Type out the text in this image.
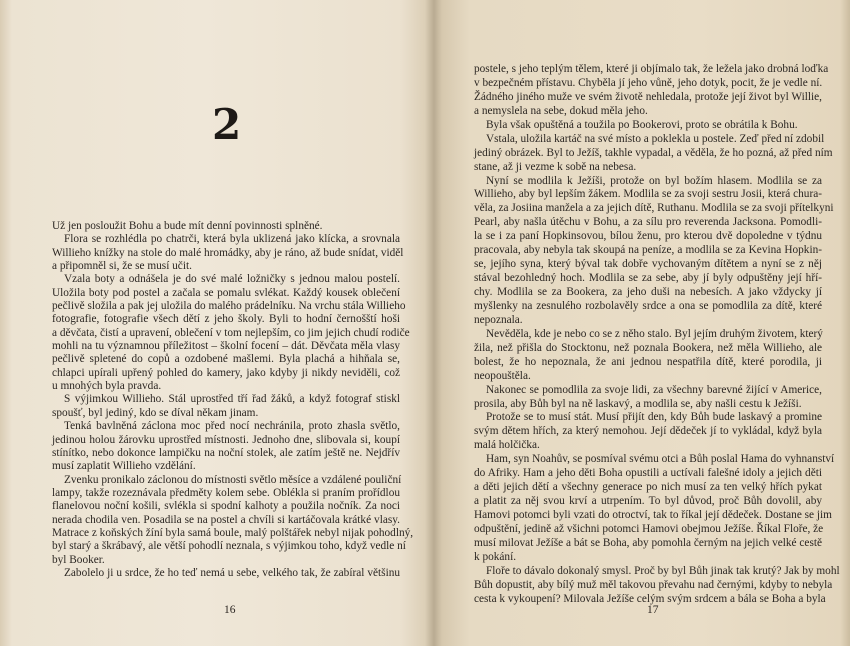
2
Už jen posloužit Bohu a bude mít denní povinnosti splněné.
Flora se rozhlédla po chatrči, která byla uklizená jako klícka, a srovnala
Willieho knížky na stole do malé hromádky, aby je ráno, až bude snídat, viděl
a připomněl si, že se musí učit.
Vzala boty a odnášela je do své malé ložničky s jednou malou postelí.
Uložila boty pod postel a začala se pomalu svlékat. Každý kousek oblečení
pečlivě složila a pak jej uložila do malého prádelníku. Na vrchu stála Willieho
fotografie, fotografie všech dětí z jeho školy. Byli to hodní černošští hoši
a děvčata, čistí a upravení, oblečení v tom nejlepším, co jim jejich chudí rodiče
mohli na tu významnou příležitost – školní focení – dát. Děvčata měla vlasy
pečlivě spletené do copů a ozdobené mašlemi. Byla plachá a hihňala se,
chlapci upírali upřený pohled do kamery, jako kdyby ji nikdy neviděli, což
u mnohých byla pravda.
S výjimkou Willieho. Stál uprostřed tří řad žáků, a když fotograf stiskl
spoušť, byl jediný, kdo se díval někam jinam.
Tenká bavlněná záclona moc před nocí nechránila, proto zhasla světlo,
jedinou holou žárovku uprostřed místnosti. Jednoho dne, slibovala si, koupí
stínítko, nebo dokonce lampičku na noční stolek, ale zatím ještě ne. Nejdřív
musí zaplatit Willieho vzdělání.
Zvenku pronikalo záclonou do místnosti světlo měsíce a vzdálené pouliční
lampy, takže rozeznávala předměty kolem sebe. Oblékla si praním prořídlou
flanelovou noční košili, svlékla si spodní kalhoty a použila nočník. Za noci
nerada chodila ven. Posadila se na postel a chvíli si kartáčovala krátké vlasy.
Matrace z koňských žíní byla samá boule, malý polštářek nebyl nijak pohodlný,
byl starý a škrábavý, ale větší pohodlí neznala, s výjimkou toho, když vedle ní
byl Booker.
Zabolelo ji u srdce, že ho teď nemá u sebe, velkého tak, že zabíral většinu
postele, s jeho teplým tělem, které ji objímalo tak, že ležela jako drobná loďka
v bezpečném přístavu. Chyběla jí jeho vůně, jeho dotyk, pocit, že je vedle ní.
Žádného jiného muže ve svém životě nehledala, protože její život byl Willie,
a nemyslela na sebe, dokud měla jeho.
Byla však opuštěná a toužila po Bookerovi, proto se obrátila k Bohu.
Vstala, uložila kartáč na své místo a poklekla u postele. Zeď před ní zdobil
jediný obrázek. Byl to Ježíš, takhle vypadal, a věděla, že ho pozná, až před ním
stane, až ji vezme k sobě na nebesa.
Nyní se modlila k Ježíši, protože on byl božím hlasem. Modlila se za
Willieho, aby byl lepším žákem. Modlila se za svoji sestru Josii, která chura-
věla, za Josiina manžela a za jejich dítě, Ruthanu. Modlila se za svoji přítelkyni
Pearl, aby našla útěchu v Bohu, a za sílu pro reverenda Jacksona. Pomodli-
la se i za paní Hopkinsovou, bílou ženu, pro kterou dvě dopoledne v týdnu
pracovala, aby nebyla tak skoupá na peníze, a modlila se za Kevina Hopkin-
se, jejího syna, který býval tak dobře vychovaným dítětem a nyní se z něj
stával bezohledný hoch. Modlila se za sebe, aby jí byly odpuštěny její hří-
chy. Modlila se za Bookera, za jeho duši na nebesích. A jako vždycky jí
myšlenky na zesnulého rozbolavěly srdce a ona se pomodlila za dítě, které
nepoznala.
Nevěděla, kde je nebo co se z něho stalo. Byl jejím druhým životem, který
žila, než přišla do Stocktonu, než poznala Bookera, než měla Willieho, ale
bolest, že ho nepoznala, že ani jednou nespatřila dítě, které porodila, ji
neopouštěla.
Nakonec se pomodlila za svoje lidi, za všechny barevné žijící v Americe,
prosila, aby Bůh byl na ně laskavý, a modlila se, aby našli cestu k Ježíši.
Protože se to musí stát. Musí přijít den, kdy Bůh bude laskavý a promine
svým dětem hřích, za který nemohou. Její dědeček jí to vykládal, když byla
malá holčička.
Ham, syn Noahův, se posmíval svému otci a Bůh poslal Hama do vyhnanství
do Afriky. Ham a jeho děti Boha opustili a uctívali falešné idoly a jejich děti
a děti jejich dětí a všechny generace po nich musí za ten velký hřích pykat
a platit za něj svou krví a utrpením. To byl důvod, proč Bůh dovolil, aby
Hamovi potomci byli vzati do otroctví, tak to říkal její dědeček. Dostane se jim
odpuštění, jedině až všichni potomci Hamovi obejmou Ježíše. Říkal Floře, že
musí milovat Ježíše a bát se Boha, aby pomohla černým na jejich velké cestě
k pokání.
Floře to dávalo dokonalý smysl. Proč by byl Bůh jinak tak krutý? Jak by mohl
Bůh dopustit, aby bílý muž měl takovou převahu nad černými, kdyby to nebyla
cesta k vykoupení? Milovala Ježíše celým svým srdcem a bála se Boha a byla
16	17
